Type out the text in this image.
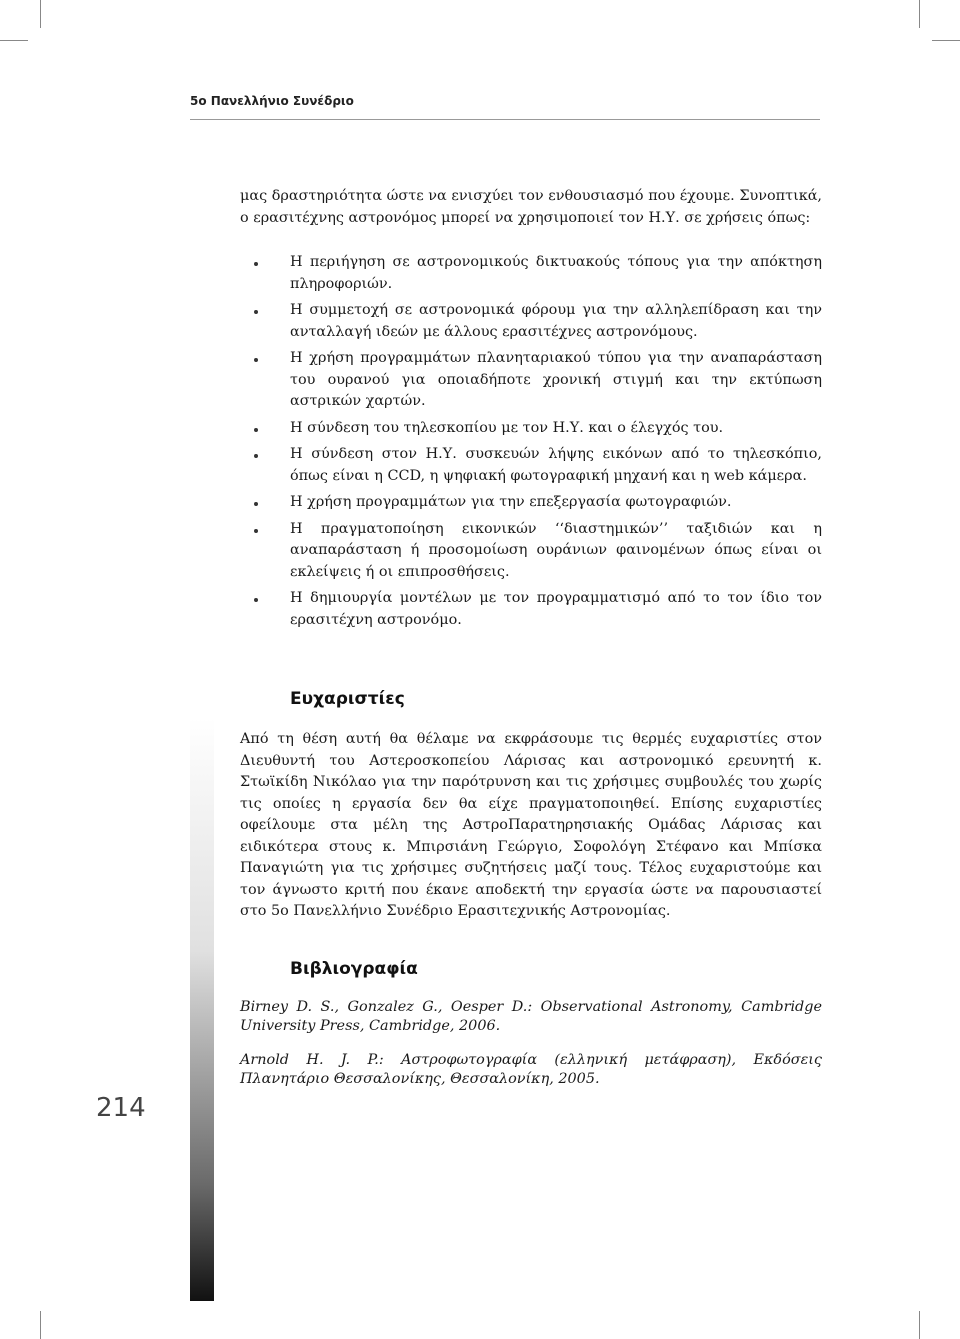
5ο Πανελλήνιο Συνέδριο
μας δραστηριότητα ώστε να ενισχύει τον ενθουσιασμό που έχουμε. Συνοπτικά, ο ερασιτέχνης αστρονόμος μπορεί να χρησιμοποιεί τον Η.Υ. σε χρήσεις όπως:
Η περιήγηση σε αστρονομικούς δικτυακούς τόπους για την απόκτηση πληροφοριών.
Η συμμετοχή σε αστρονομικά φόρουμ για την αλληλεπίδραση και την ανταλλαγή ιδεών με άλλους ερασιτέχνες αστρονόμους.
Η χρήση προγραμμάτων πλανηταριακού τύπου για την αναπαράσταση του ουρανού για οποιαδήποτε χρονική στιγμή και την εκτύπωση αστρικών χαρτών.
Η σύνδεση του τηλεσκοπίου με τον Η.Υ. και ο έλεγχός του.
Η σύνδεση στον Η.Υ. συσκευών λήψης εικόνων από το τηλεσκόπιο, όπως είναι η CCD, η ψηφιακή φωτογραφική μηχανή και η web κάμερα.
Η χρήση προγραμμάτων για την επεξεργασία φωτογραφιών.
Η πραγματοποίηση εικονικών ‘‘διαστημικών’’ ταξιδιών και η αναπαράσταση ή προσομοίωση ουράνιων φαινομένων όπως είναι οι εκλείψεις ή οι επιπροσθήσεις.
Η δημιουργία μοντέλων με τον προγραμματισμό από το τον ίδιο τον ερασιτέχνη αστρονόμο.
Ευχαριστίες
Από τη θέση αυτή θα θέλαμε να εκφράσουμε τις θερμές ευχαριστίες στον Διευθυντή του Αστεροσκοπείου Λάρισας και αστρονομικό ερευνητή κ. Στωϊκίδη Νικόλαο για την παρότρυνση και τις χρήσιμες συμβουλές του χωρίς τις οποίες η εργασία δεν θα είχε πραγματοποιηθεί. Επίσης ευχαριστίες οφείλουμε στα μέλη της ΑστροΠαρατηρησιακής Ομάδας Λάρισας και ειδικότερα στους κ. Μπιρσιάνη Γεώργιο, Σοφολόγη Στέφανο και Μπίσκα Παναγιώτη για τις χρήσιμες συζητήσεις μαζί τους. Τέλος ευχαριστούμε και τον άγνωστο κριτή που έκανε αποδεκτή την εργασία ώστε να παρουσιαστεί στο 5ο Πανελλήνιο Συνέδριο Ερασιτεχνικής Αστρονομίας.
Βιβλιογραφία

Birney D. S., Gonzalez G., Oesper D.: Observational Astronomy, Cambridge University Press, Cambridge, 2006.

Arnold H. J. P.: Αστροφωτογραφία (ελληνική μετάφραση), Εκδόσεις Πλανητάριο Θεσσαλονίκης, Θεσσαλονίκη, 2005.

214
